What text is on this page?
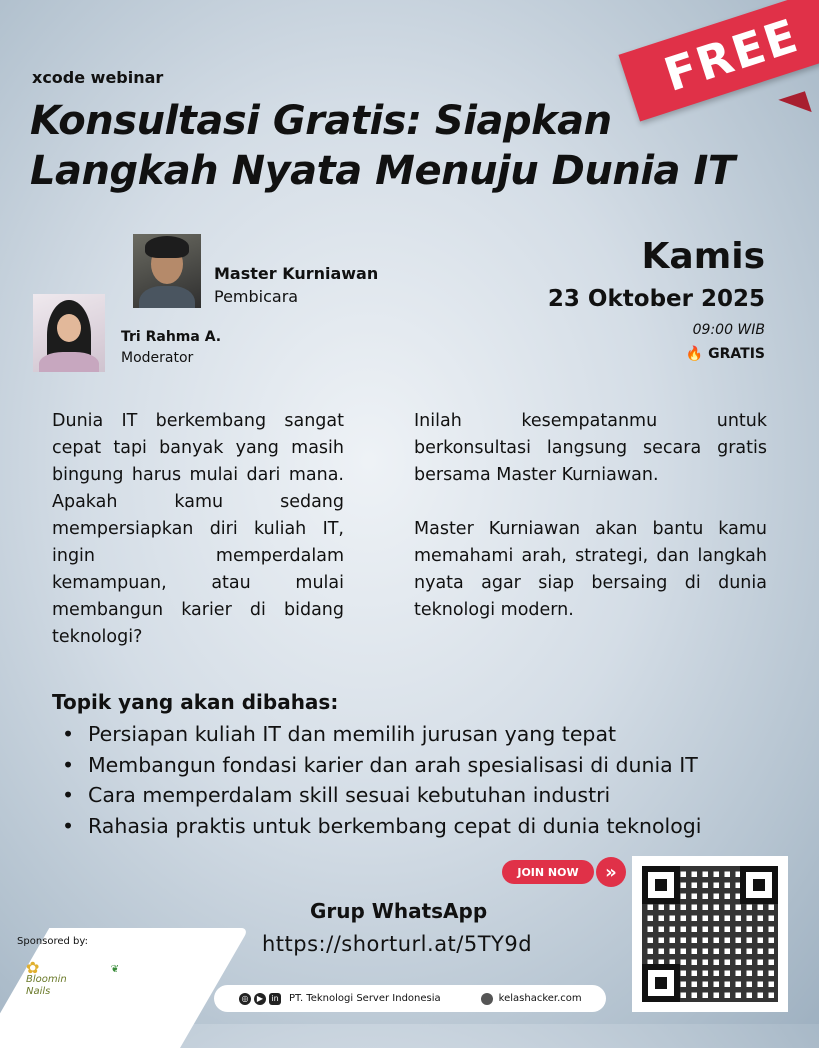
xcode webinar
Konsultasi Gratis: Siapkan
Langkah Nyata Menuju Dunia IT
FREE
Master Kurniawan
Pembicara
Tri Rahma A.
Moderator
Kamis
23 Oktober 2025
09:00 WIB
🔥 GRATIS
Dunia IT berkembang sangat cepat tapi banyak yang masih bingung harus mulai dari mana. Apakah kamu sedang mempersiapkan diri kuliah IT, ingin memperdalam kemampuan, atau mulai membangun karier di bidang teknologi?

Inilah kesempatanmu untuk berkonsultasi langsung secara gratis bersama Master Kurniawan.

Master Kurniawan akan bantu kamu memahami arah, strategi, dan langkah nyata agar siap bersaing di dunia teknologi modern.

Topik yang akan dibahas:
• Persiapan kuliah IT dan memilih jurusan yang tepat
• Membangun fondasi karier dan arah spesialisasi di dunia IT
• Cara memperdalam skill sesuai kebutuhan industri
• Rahasia praktis untuk berkembang cepat di dunia teknologi
JOIN NOW	»
Grup WhatsApp
https://shorturl.at/5TY9d
Sponsored by:
✿
Bloomin Nails
❦
◎	▶	in PT. Teknologi Server Indonesia	kelashacker.com
